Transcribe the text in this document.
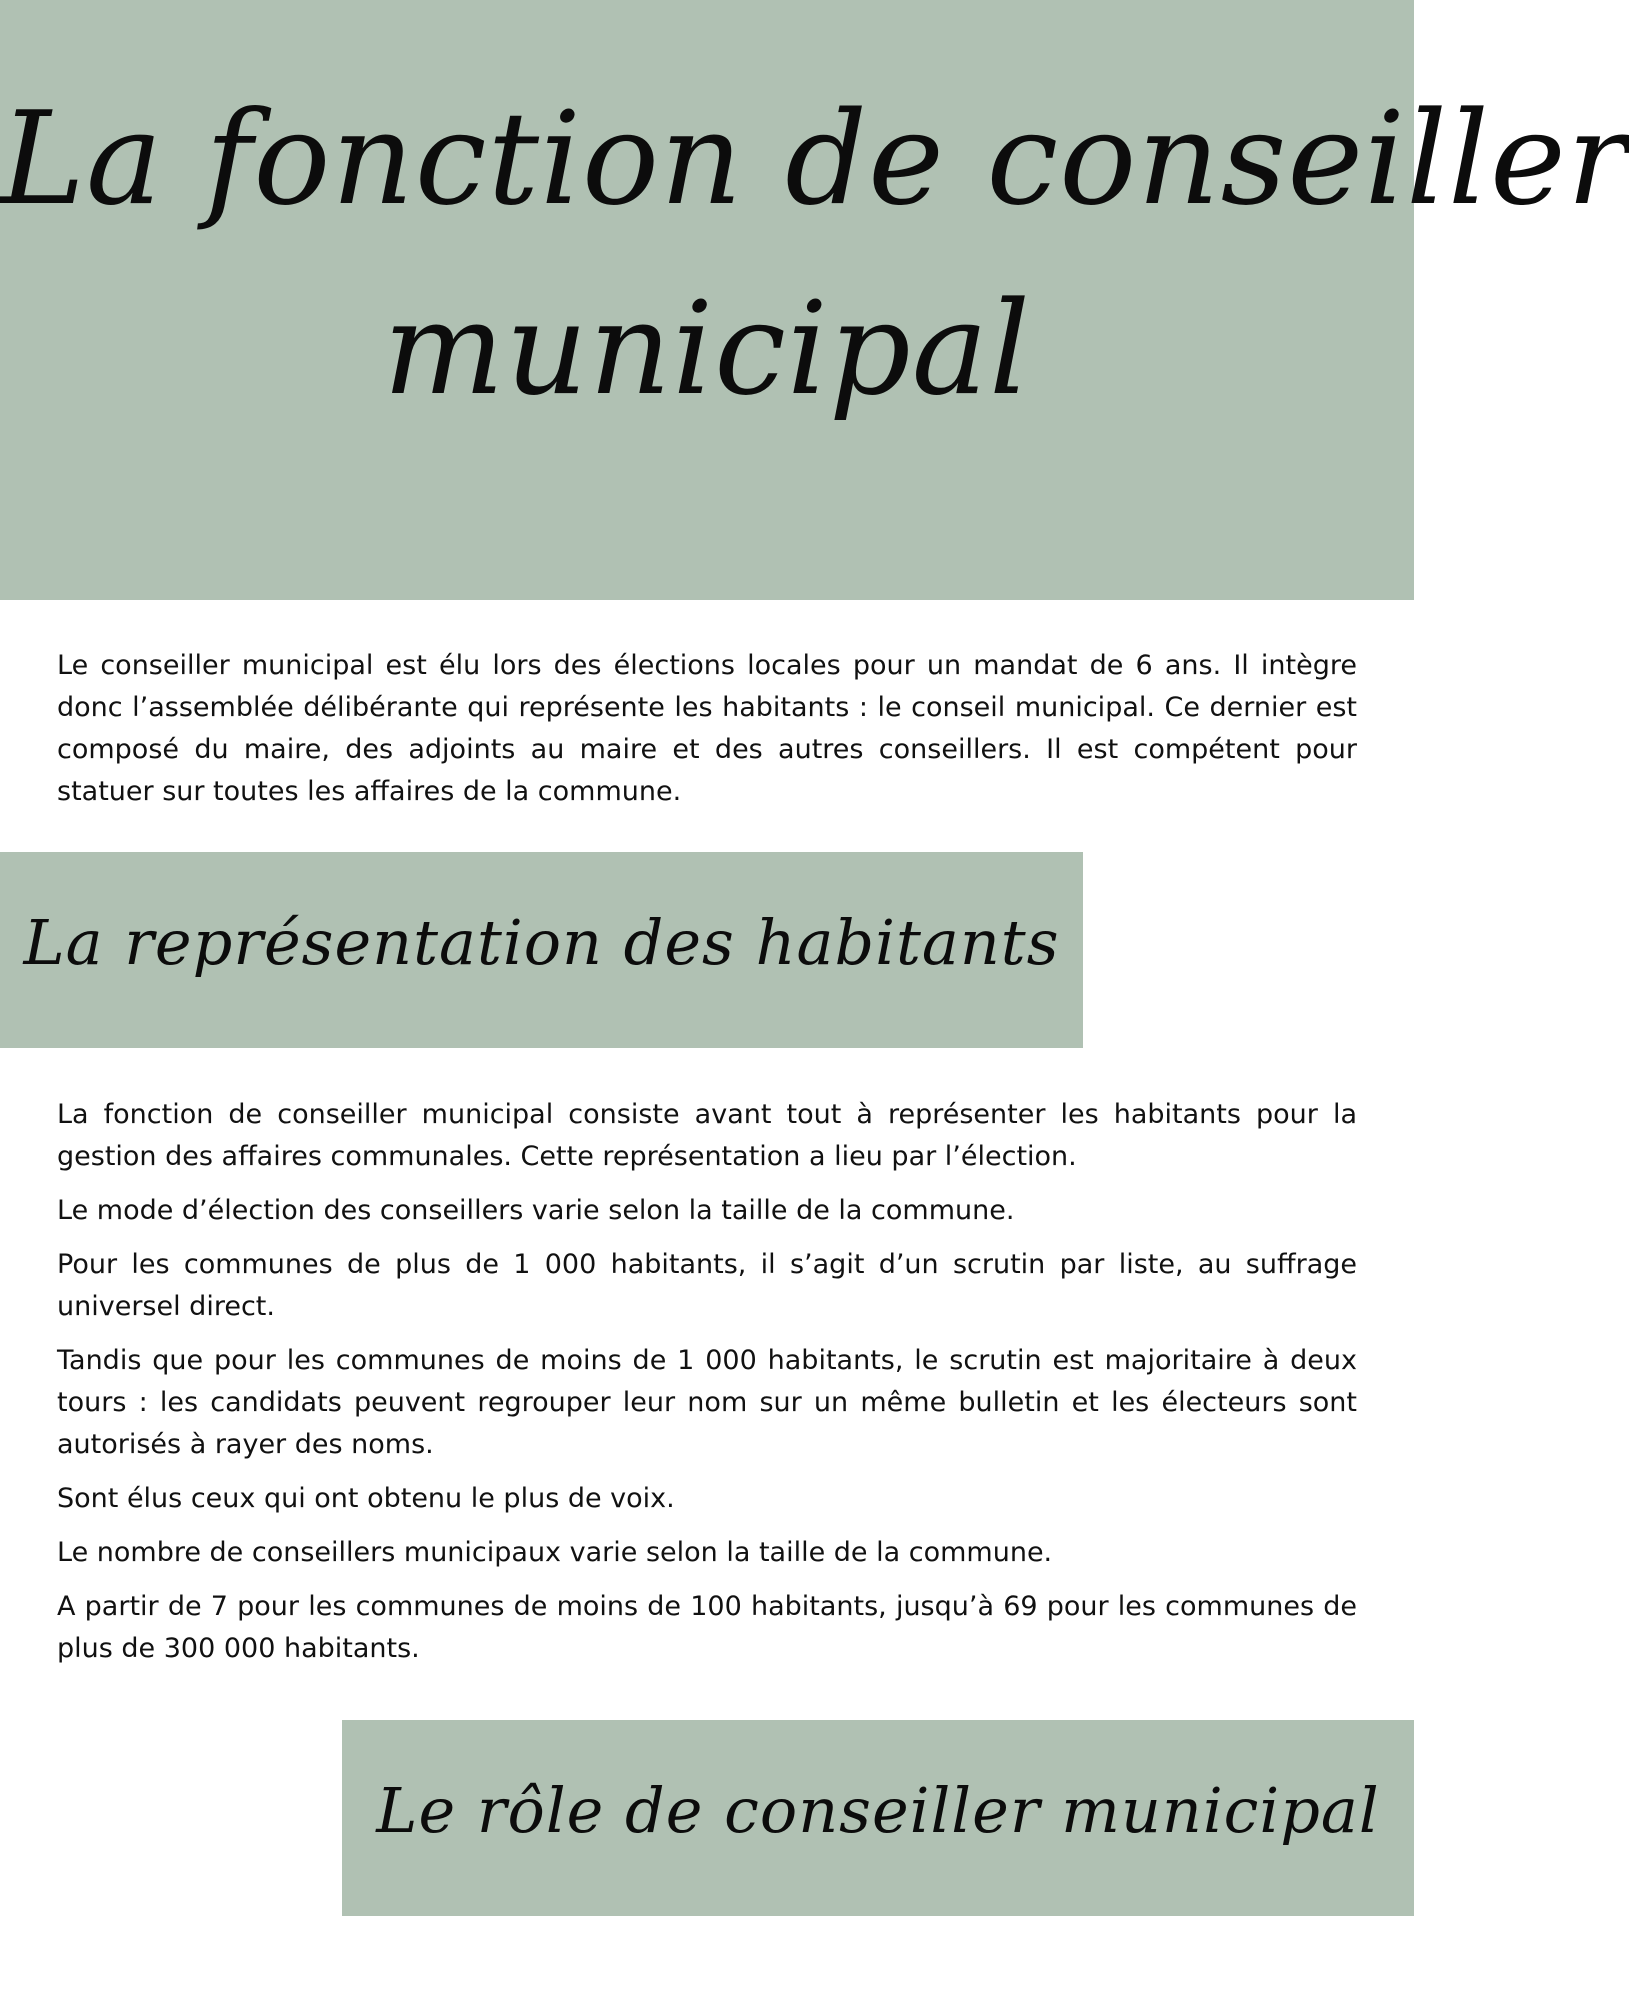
La fonction de conseiller
municipal

Le conseiller municipal est élu lors des élections locales pour un mandat de 6 ans. Il intègre donc l’assemblée délibérante qui représente les habitants : le conseil municipal. Ce dernier est composé du maire, des adjoints au maire et des autres conseillers. Il est compétent pour statuer sur toutes les affaires de la commune.

La représentation des habitants

La fonction de conseiller municipal consiste avant tout à représenter les habitants pour la gestion des affaires communales. Cette représentation a lieu par l’élection.

Le mode d’élection des conseillers varie selon la taille de la commune.

Pour les communes de plus de 1 000 habitants, il s’agit d’un scrutin par liste, au suffrage universel direct.

Tandis que pour les communes de moins de 1 000 habitants, le scrutin est majoritaire à deux tours : les candidats peuvent regrouper leur nom sur un même bulletin et les électeurs sont autorisés à rayer des noms.

Sont élus ceux qui ont obtenu le plus de voix.

Le nombre de conseillers municipaux varie selon la taille de la commune.

A partir de 7 pour les communes de moins de 100 habitants, jusqu’à 69 pour les communes de plus de 300 000 habitants.

Le rôle de conseiller municipal
